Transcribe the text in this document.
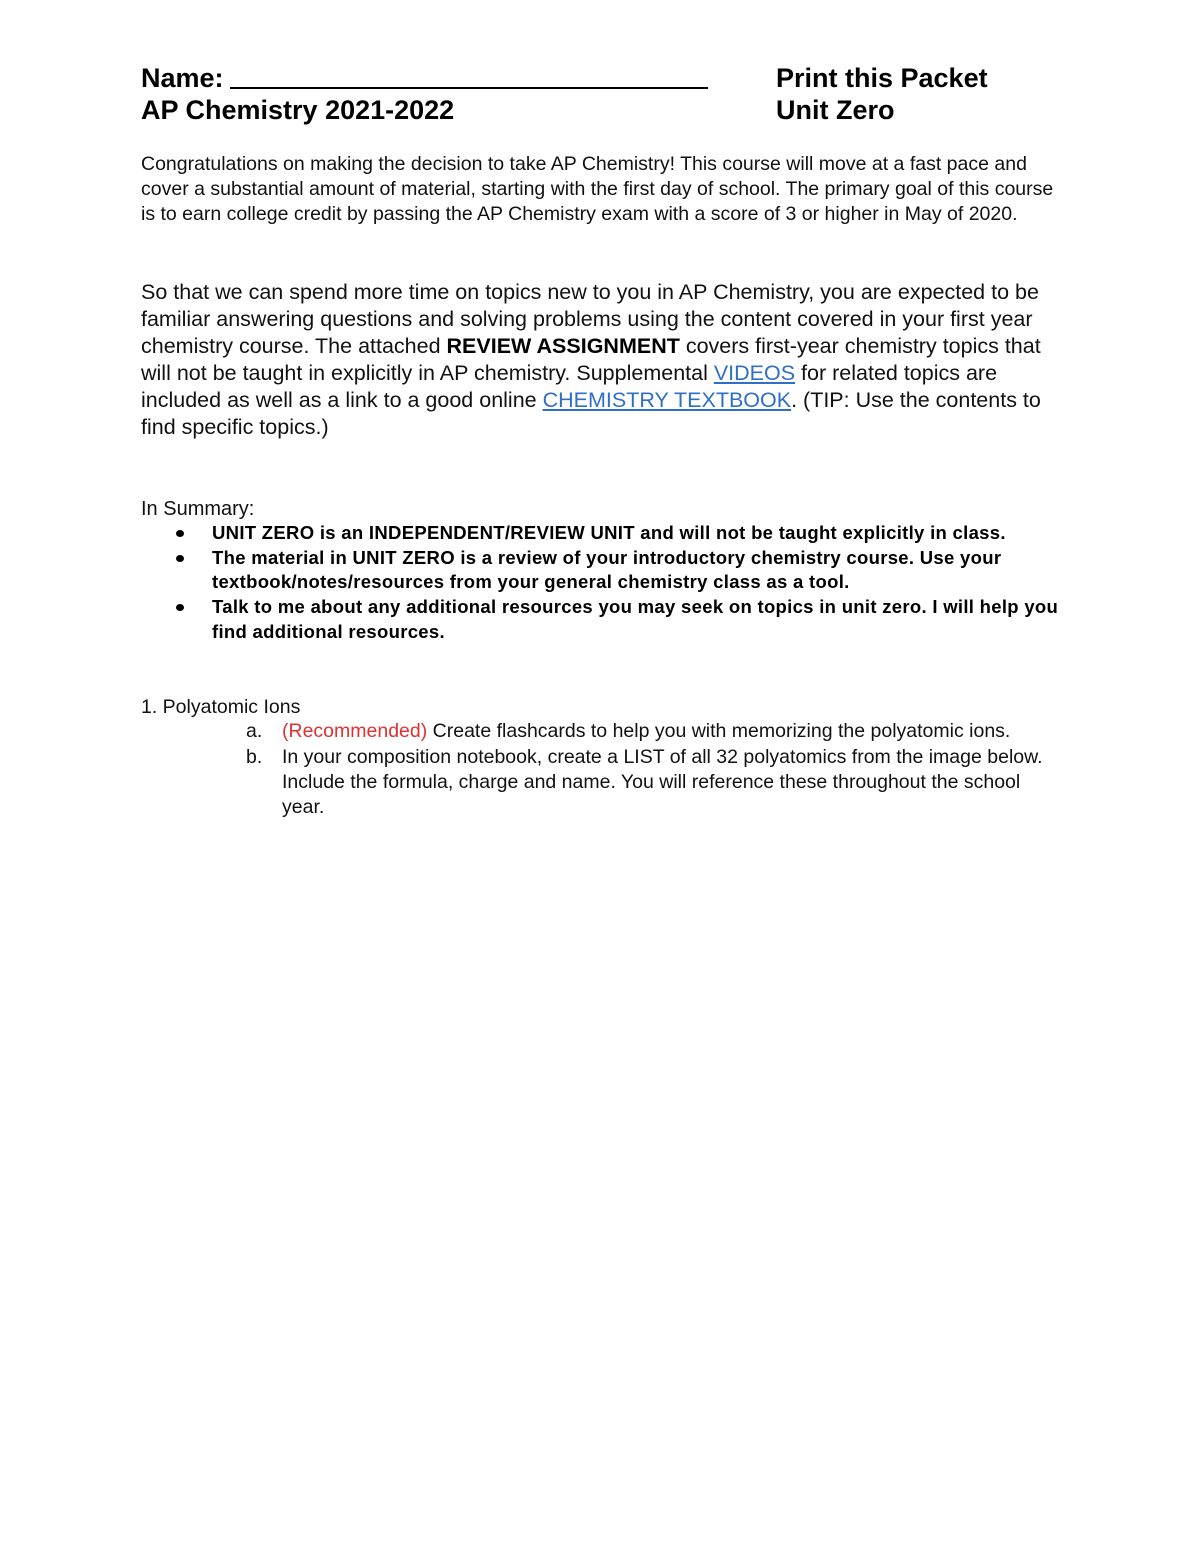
Name:
AP Chemistry 2021-2022
Print this Packet
Unit Zero

Congratulations on making the decision to take AP Chemistry! This course will move at a fast pace and cover a substantial amount of material, starting with the first day of school. The primary goal of this course is to earn college credit by passing the AP Chemistry exam with a score of 3 or higher in May of 2020.

So that we can spend more time on topics new to you in AP Chemistry, you are expected to be familiar answering questions and solving problems using the content covered in your first year chemistry course. The attached REVIEW ASSIGNMENT covers first-year chemistry topics that will not be taught in explicitly in AP chemistry. Supplemental VIDEOS for related topics are included as well as a link to a good online CHEMISTRY TEXTBOOK. (TIP: Use the contents to find specific topics.)

In Summary:
UNIT ZERO is an INDEPENDENT/REVIEW UNIT and will not be taught explicitly in class.
The material in UNIT ZERO is a review of your introductory chemistry course. Use your textbook/notes/resources from your general chemistry class as a tool.
Talk to me about any additional resources you may seek on topics in unit zero. I will help you find additional resources.
1. Polyatomic Ions
a. (Recommended) Create flashcards to help you with memorizing the polyatomic ions.
b. In your composition notebook, create a LIST of all 32 polyatomics from the image below. Include the formula, charge and name. You will reference these throughout the school year.
